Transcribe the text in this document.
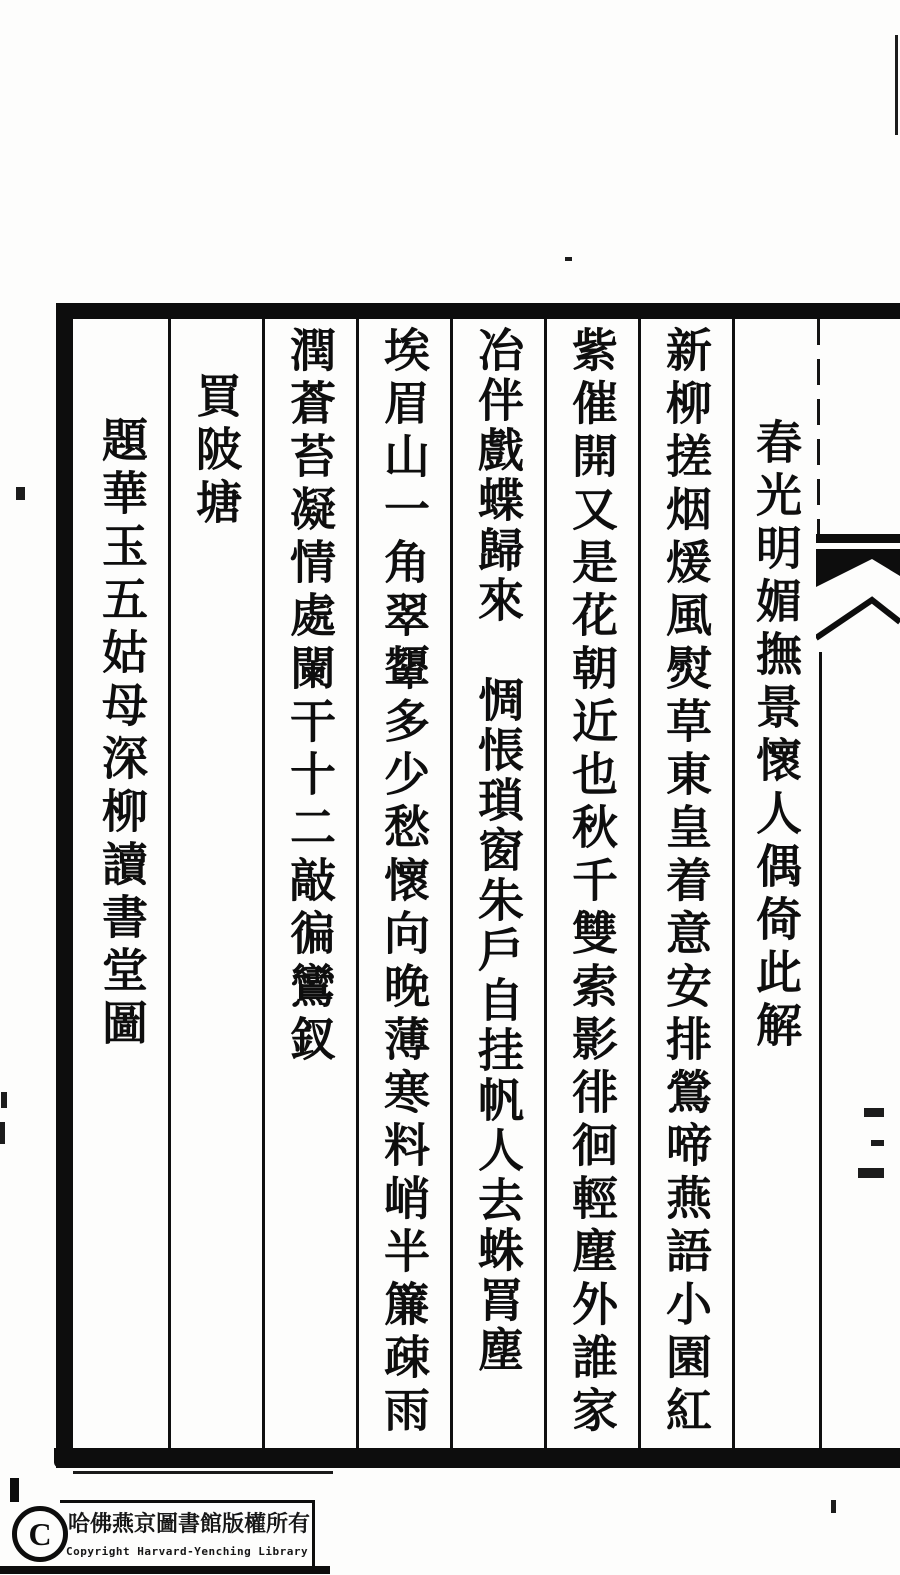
春光明媚撫景懷人偶倚此解
新柳搓烟煖風熨草東皇着意安排鶯啼燕語小園紅
紫催開又是花朝近也秋千雙索影徘徊輕塵外誰家
冶伴戲蝶歸來　惆悵瑣窗朱戶自挂帆人去蛛罥塵
埃眉山一角翠顰多少愁懷向晚薄寒料峭半簾疎雨
潤蒼苔凝情處闌干十二敲徧鸞釵
買陂塘
題華玉五姑母深柳讀書堂圖
C 哈佛燕京圖書館版權所有
Copyright Harvard-Yenching Library
